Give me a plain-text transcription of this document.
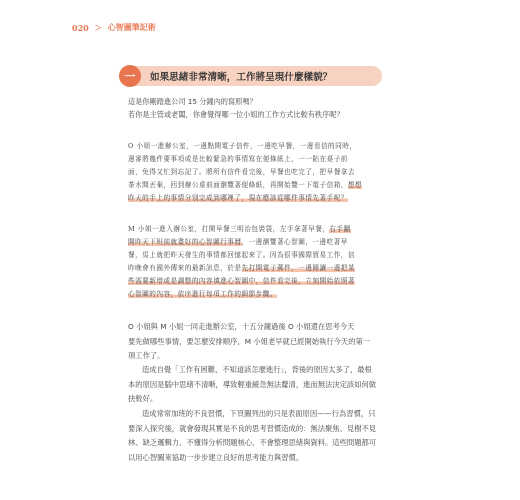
020 ＞ 心智圖筆記術
一	如果思緒非常清晰，工作將呈現什麼樣貌？
這是你剛踏進公司 15 分鐘內的寫照嗎？
若你是主管或老闆，你會覺得哪一位小姐的工作方式比較有秩序呢？
O 小姐一進辦公室，一邊點開電子信件，一邊吃早餐，一邊看信的同時，
邊審將幾件要事項或是比較緊急的事情寫在便條紙上，一一貼在桌子前
面，免得又忙到忘記了。將所有信件看完後，早餐也吃完了，把早餐拿去
茶水間丟棄，回到辦公桌前面瀏覽著便條紙，再開始覽一下電子信箱，想想
昨天的手上的事情分別完成到哪裡了，現在應該從哪件事情先著手呢？
M 小姐一進入辦公室，打開早餐三明治包裝袋，左手拿著早餐，右手翻
開昨天下班前就畫好的心智圖行事曆，一邊瀏覽著心智圖，一邊吃著早
餐，馬上就把昨天發生的事情都回憶起來了。因為很事國際貿易工作，信
昨晚會有國外傳來的最新訊息，於是先打開電子郵件，一邊閱讀一邊把某
些需要新增或是調整的內容填進心智圖中，信件看完後，立刻開始依照著
心智圖的內容，依序進行每項工作的細節步驟。
O 小姐與 M 小姐一同走進辦公室，十五分鐘過後 O 小姐還在思考今天
要先做哪些事情，要怎麼安排順序，M 小姐老早就已經開始執行今天的第一
項工作了。
造成自覺「工作有困難，不知道該怎麼進行」，背後的原因太多了，最根
本的原因是腦中思緒不清晰，導致輕重緩急無法釐清，進而無法決定該如何做
抉較好。
造成常常加班的不良習慣，下頁圖列出的只是表面原因——行為習慣，只
要深入探究後，就會發現其實是不良的思考習慣造成的：無法聚焦、見樹不見
林、缺乏邏輯力、不懂得分析問題核心、不會整理思緒與資料。這些問題都可
以用心智圖來協助一步步建立良好的思考能力與習慣。
